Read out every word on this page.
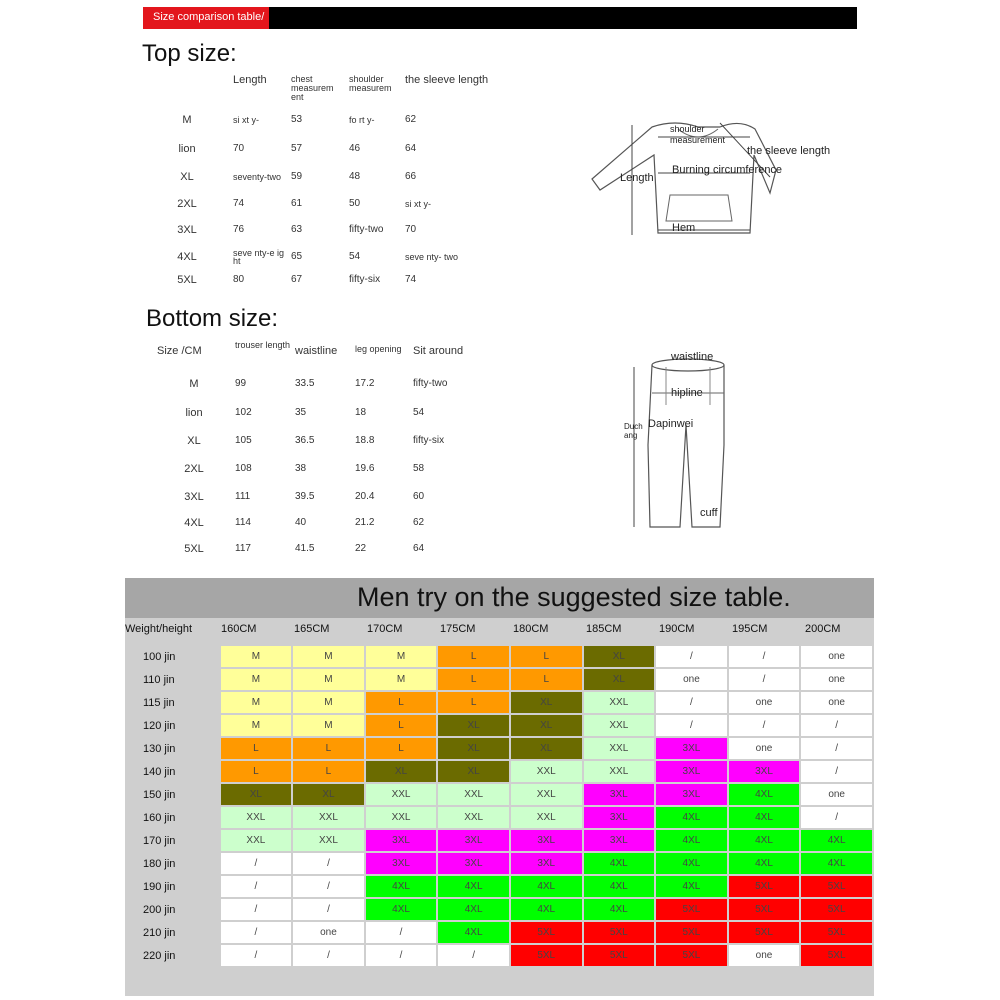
Size comparison table/
Top size:
	Length	chest measurem ent	shoulder measurem	the sleeve length
M	si xt y-	53	fo rt y-	62
lion	70	57	46	64
XL	seventy-two	59	48	66
2XL	74	61	50	si xt y-
3XL	76	63	fifty-two	70
4XL	seve nty-e ight	65	54	seve nty- two
5XL	80	67	fifty-six	74
shoulder measurement
the sleeve length
Length
Burning circumference
Hem
Bottom size:
Size /CM	trouser length	waistline	leg opening	Sit around
M	99	33.5	17.2	fifty-two
lion	102	35	18	54
XL	105	36.5	18.8	fifty-six
2XL	108	38	19.6	58
3XL	111	39.5	20.4	60
4XL	114	40	21.2	62
5XL	117	41.5	22	64
waistline
hipline
Duch ang
Dapinwei
cuff
Men try on the suggested size table.
Weight/height	160CM	165CM	170CM	175CM	180CM	185CM	190CM	195CM	200CM
100 jin	M	M	M	L	L	XL	/	/	one
110 jin	M	M	M	L	L	XL	one	/	one
115 jin	M	M	L	L	XL	XXL	/	one	one
120 jin	M	M	L	XL	XL	XXL	/	/	/
130 jin	L	L	L	XL	XL	XXL	3XL	one	/
140 jin	L	L	XL	XL	XXL	XXL	3XL	3XL	/
150 jin	XL	XL	XXL	XXL	XXL	3XL	3XL	4XL	one
160 jin	XXL	XXL	XXL	XXL	XXL	3XL	4XL	4XL	/
170 jin	XXL	XXL	3XL	3XL	3XL	3XL	4XL	4XL	4XL
180 jin	/	/	3XL	3XL	3XL	4XL	4XL	4XL	4XL
190 jin	/	/	4XL	4XL	4XL	4XL	4XL	5XL	5XL
200 jin	/	/	4XL	4XL	4XL	4XL	5XL	5XL	5XL
210 jin	/	one	/	4XL	5XL	5XL	5XL	5XL	5XL
220 jin	/	/	/	/	5XL	5XL	5XL	one	5XL
